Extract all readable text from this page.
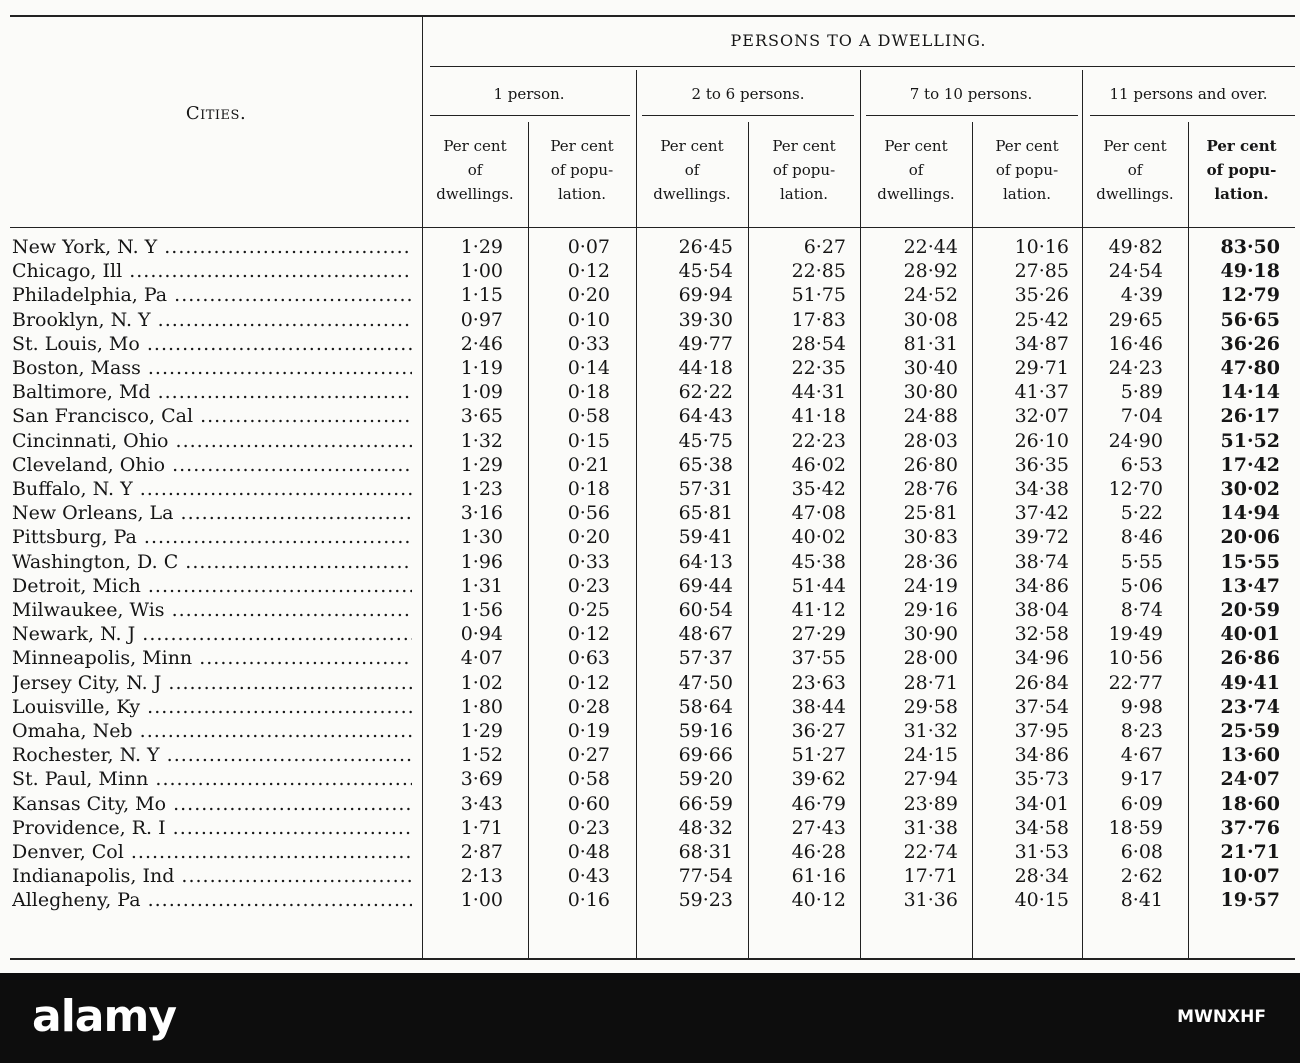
Cities.
PERSONS TO A DWELLING.
1 person.	2 to 6 persons.	7 to 10 persons.	11 persons and over.
Per cent
of
dwellings.
Per cent
of popu-
lation.
Per cent
of
dwellings.
Per cent
of popu-
lation.
Per cent
of
dwellings.
Per cent
of popu-
lation.
Per cent
of
dwellings.
Per cent
of popu-
lation.
New York, N. Y .....	1·29	0·07	26·45	6·27	22·44	10·16	49·82	83·50
Chicago, Ill .....	1·00	0·12	45·54	22·85	28·92	27·85	24·54	49·18
Philadelphia, Pa .....	1·15	0·20	69·94	51·75	24·52	35·26	4·39	12·79
Brooklyn, N. Y .....	0·97	0·10	39·30	17·83	30·08	25·42	29·65	56·65
St. Louis, Mo .....	2·46	0·33	49·77	28·54	81·31	34·87	16·46	36·26
Boston, Mass .....	1·19	0·14	44·18	22·35	30·40	29·71	24·23	47·80
Baltimore, Md .....	1·09	0·18	62·22	44·31	30·80	41·37	5·89	14·14
San Francisco, Cal .....	3·65	0·58	64·43	41·18	24·88	32·07	7·04	26·17
Cincinnati, Ohio .....	1·32	0·15	45·75	22·23	28·03	26·10	24·90	51·52
Cleveland, Ohio .....	1·29	0·21	65·38	46·02	26·80	36·35	6·53	17·42
Buffalo, N. Y .....	1·23	0·18	57·31	35·42	28·76	34·38	12·70	30·02
New Orleans, La .....	3·16	0·56	65·81	47·08	25·81	37·42	5·22	14·94
Pittsburg, Pa .....	1·30	0·20	59·41	40·02	30·83	39·72	8·46	20·06
Washington, D. C .....	1·96	0·33	64·13	45·38	28·36	38·74	5·55	15·55
Detroit, Mich .....	1·31	0·23	69·44	51·44	24·19	34·86	5·06	13·47
Milwaukee, Wis .....	1·56	0·25	60·54	41·12	29·16	38·04	8·74	20·59
Newark, N. J .....	0·94	0·12	48·67	27·29	30·90	32·58	19·49	40·01
Minneapolis, Minn .....	4·07	0·63	57·37	37·55	28·00	34·96	10·56	26·86
Jersey City, N. J .....	1·02	0·12	47·50	23·63	28·71	26·84	22·77	49·41
Louisville, Ky .....	1·80	0·28	58·64	38·44	29·58	37·54	9·98	23·74
Omaha, Neb .....	1·29	0·19	59·16	36·27	31·32	37·95	8·23	25·59
Rochester, N. Y .....	1·52	0·27	69·66	51·27	24·15	34·86	4·67	13·60
St. Paul, Minn .....	3·69	0·58	59·20	39·62	27·94	35·73	9·17	24·07
Kansas City, Mo .....	3·43	0·60	66·59	46·79	23·89	34·01	6·09	18·60
Providence, R. I .....	1·71	0·23	48·32	27·43	31·38	34·58	18·59	37·76
Denver, Col .....	2·87	0·48	68·31	46·28	22·74	31·53	6·08	21·71
Indianapolis, Ind .....	2·13	0·43	77·54	61·16	17·71	28·34	2·62	10·07
Allegheny, Pa .....	1·00	0·16	59·23	40·12	31·36	40·15	8·41	19·57
alamy	MWNXHF
